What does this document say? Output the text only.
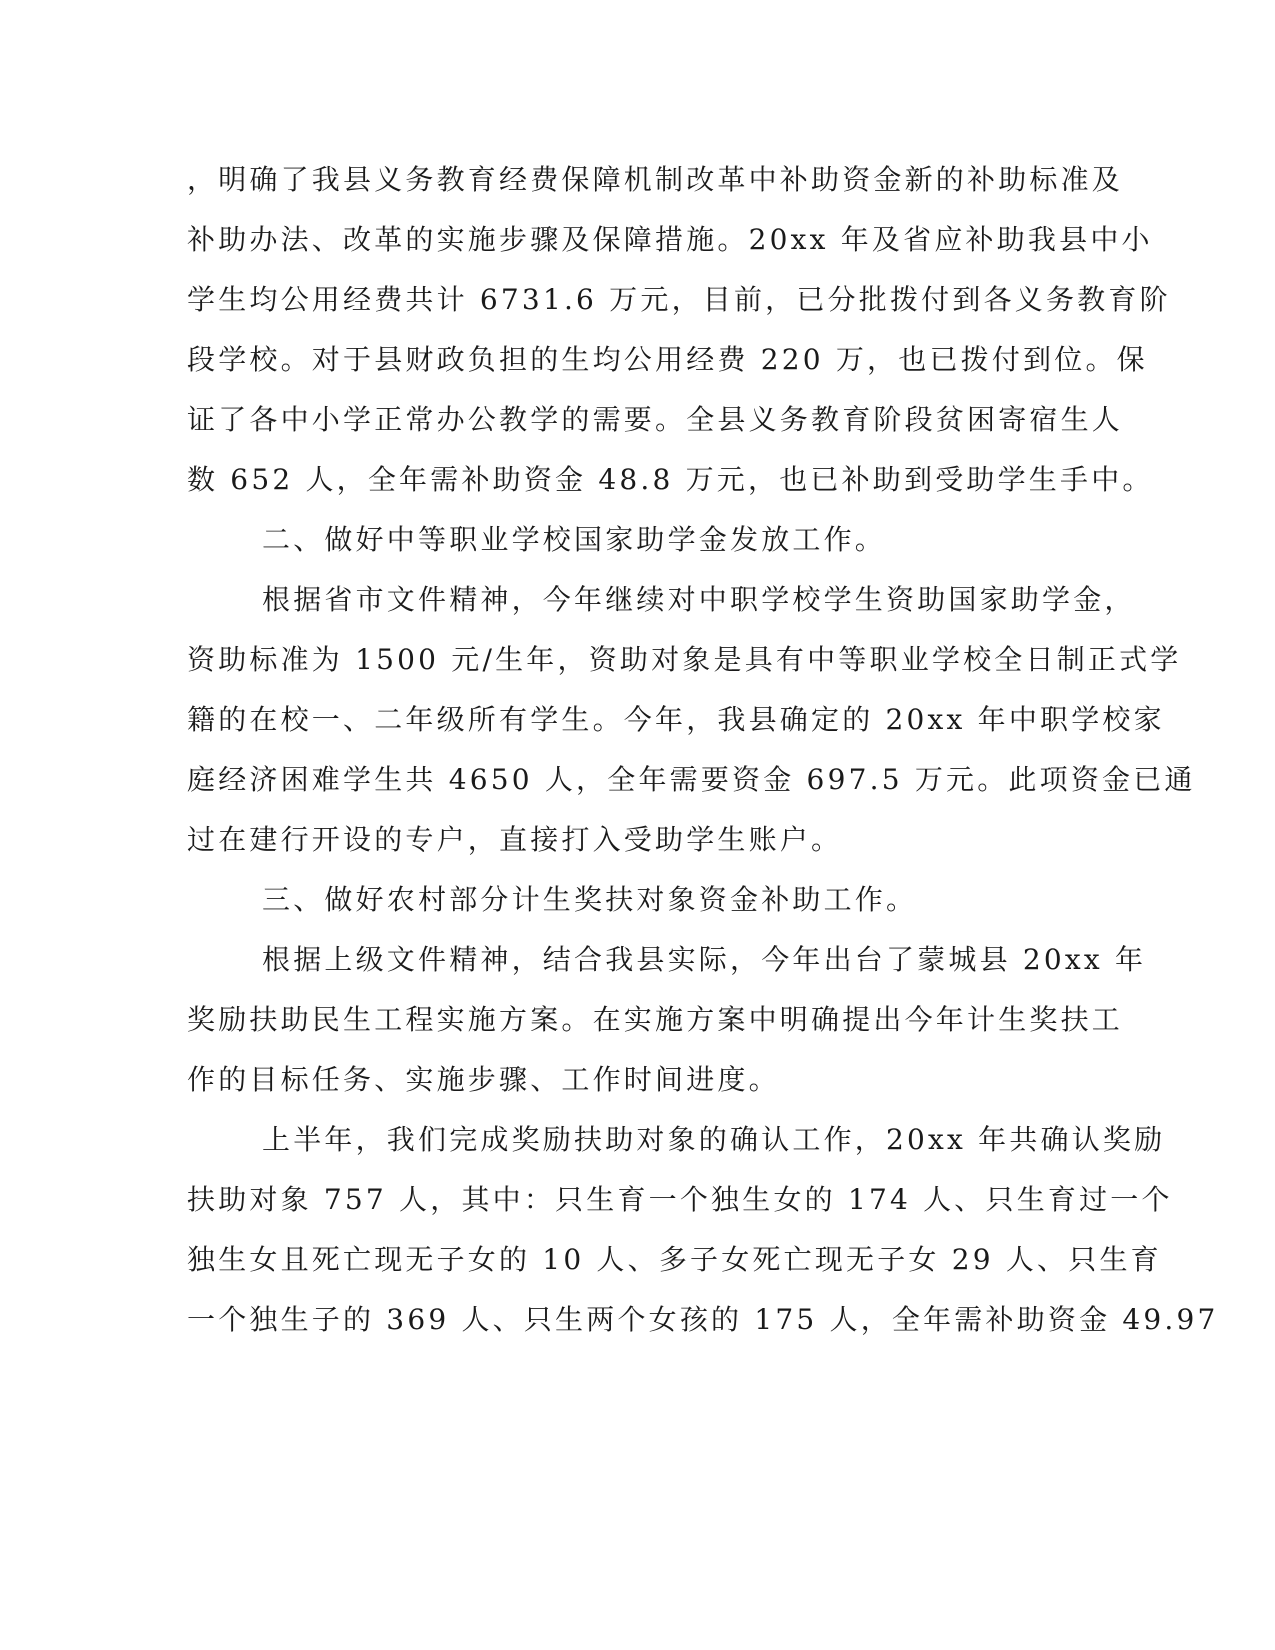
，明确了我县义务教育经费保障机制改革中补助资金新的补助标准及
补助办法、改革的实施步骤及保障措施。20xx 年及省应补助我县中小
学生均公用经费共计 6731.6 万元，目前，已分批拨付到各义务教育阶
段学校。对于县财政负担的生均公用经费 220 万，也已拨付到位。保
证了各中小学正常办公教学的需要。全县义务教育阶段贫困寄宿生人
数 652 人，全年需补助资金 48.8 万元，也已补助到受助学生手中。
二、做好中等职业学校国家助学金发放工作。
根据省市文件精神，今年继续对中职学校学生资助国家助学金，
资助标准为 1500 元/生年，资助对象是具有中等职业学校全日制正式学
籍的在校一、二年级所有学生。今年，我县确定的 20xx 年中职学校家
庭经济困难学生共 4650 人，全年需要资金 697.5 万元。此项资金已通
过在建行开设的专户，直接打入受助学生账户。
三、做好农村部分计生奖扶对象资金补助工作。
根据上级文件精神，结合我县实际，今年出台了蒙城县 20xx 年
奖励扶助民生工程实施方案。在实施方案中明确提出今年计生奖扶工
作的目标任务、实施步骤、工作时间进度。
上半年，我们完成奖励扶助对象的确认工作，20xx 年共确认奖励
扶助对象 757 人，其中：只生育一个独生女的 174 人、只生育过一个
独生女且死亡现无子女的 10 人、多子女死亡现无子女 29 人、只生育
一个独生子的 369 人、只生两个女孩的 175 人，全年需补助资金 49.97
